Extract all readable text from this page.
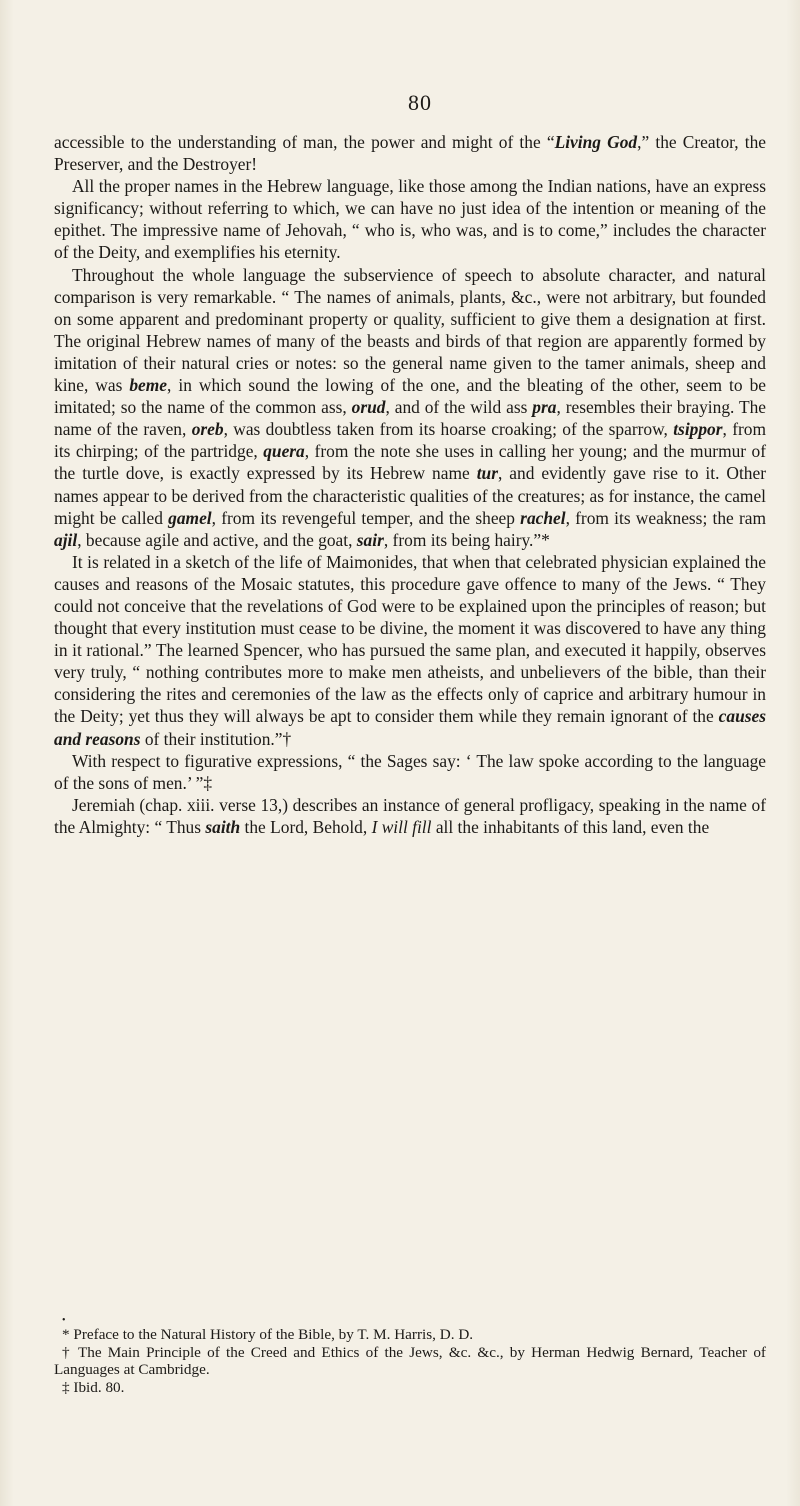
80

accessible to the understanding of man, the power and might of the “Living God,” the Creator, the Preserver, and the Destroyer!

All the proper names in the Hebrew language, like those among the Indian nations, have an express significancy; without referring to which, we can have no just idea of the intention or meaning of the epithet. The impressive name of Jehovah, “ who is, who was, and is to come,” includes the character of the Deity, and exemplifies his eternity.

Throughout the whole language the subservience of speech to absolute character, and natural comparison is very remarkable. “ The names of animals, plants, &c., were not arbitrary, but founded on some apparent and predominant property or quality, sufficient to give them a designation at first. The original Hebrew names of many of the beasts and birds of that region are apparently formed by imitation of their natural cries or notes: so the general name given to the tamer animals, sheep and kine, was beme, in which sound the lowing of the one, and the bleating of the other, seem to be imitated; so the name of the common ass, orud, and of the wild ass pra, resembles their braying. The name of the raven, oreb, was doubtless taken from its hoarse croaking; of the sparrow, tsippor, from its chirping; of the partridge, quera, from the note she uses in calling her young; and the murmur of the turtle dove, is exactly expressed by its Hebrew name tur, and evidently gave rise to it. Other names appear to be derived from the characteristic qualities of the creatures; as for instance, the camel might be called gamel, from its revengeful temper, and the sheep rachel, from its weakness; the ram ajil, because agile and active, and the goat, sair, from its being hairy.”*

It is related in a sketch of the life of Maimonides, that when that celebrated physician explained the causes and reasons of the Mosaic statutes, this procedure gave offence to many of the Jews. “ They could not conceive that the revelations of God were to be explained upon the principles of reason; but thought that every institution must cease to be divine, the moment it was discovered to have any thing in it rational.” The learned Spencer, who has pursued the same plan, and executed it happily, observes very truly, “ nothing contributes more to make men atheists, and unbelievers of the bible, than their considering the rites and ceremonies of the law as the effects only of caprice and arbitrary humour in the Deity; yet thus they will always be apt to consider them while they remain ignorant of the causes and reasons of their institution.”†

With respect to figurative expressions, “ the Sages say: ‘ The law spoke according to the language of the sons of men.’ ”‡

Jeremiah (chap. xiii. verse 13,) describes an instance of general profligacy, speaking in the name of the Almighty: “ Thus saith the Lord, Behold, I will fill all the inhabitants of this land, even the

•

* Preface to the Natural History of the Bible, by T. M. Harris, D. D.

† The Main Principle of the Creed and Ethics of the Jews, &c. &c., by Herman Hedwig Bernard, Teacher of Languages at Cambridge.

‡ Ibid. 80.
